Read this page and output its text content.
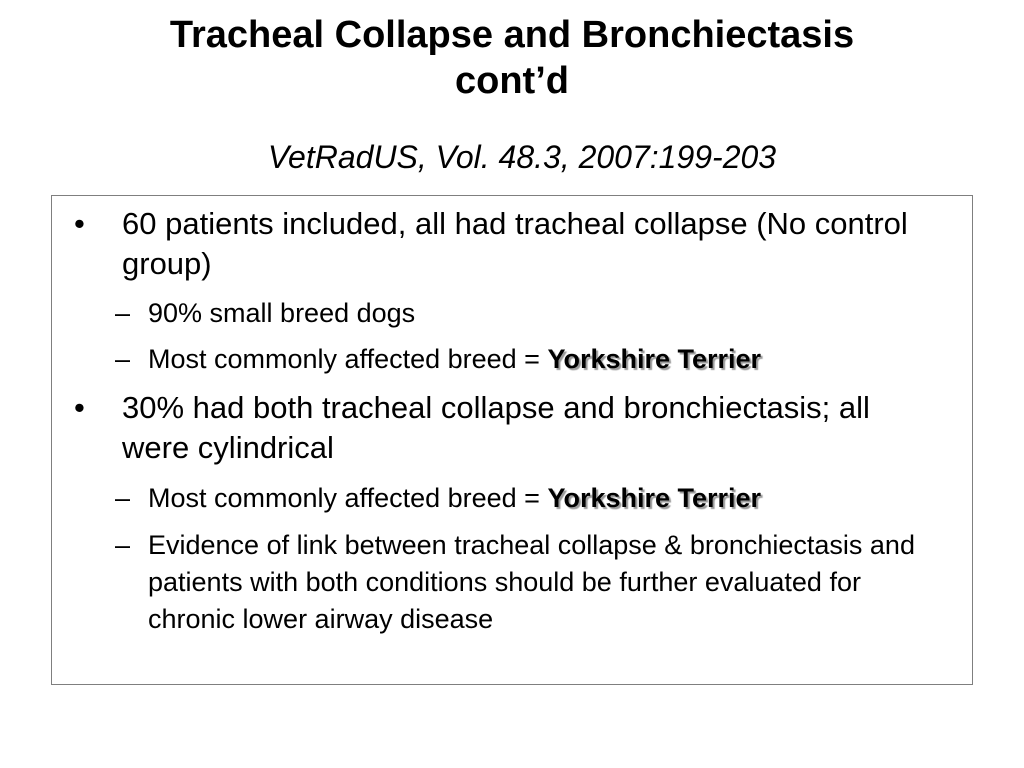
Tracheal Collapse and Bronchiectasis
cont’d
VetRadUS, Vol. 48.3, 2007:199-203
• 60 patients included, all had tracheal collapse (No control group)
– 90% small breed dogs
– Most commonly affected breed = Yorkshire Terrier
• 30% had both tracheal collapse and bronchiectasis; all were cylindrical
– Most commonly affected breed = Yorkshire Terrier
– Evidence of link between tracheal collapse & bronchiectasis and patients with both conditions should be further evaluated for chronic lower airway disease
